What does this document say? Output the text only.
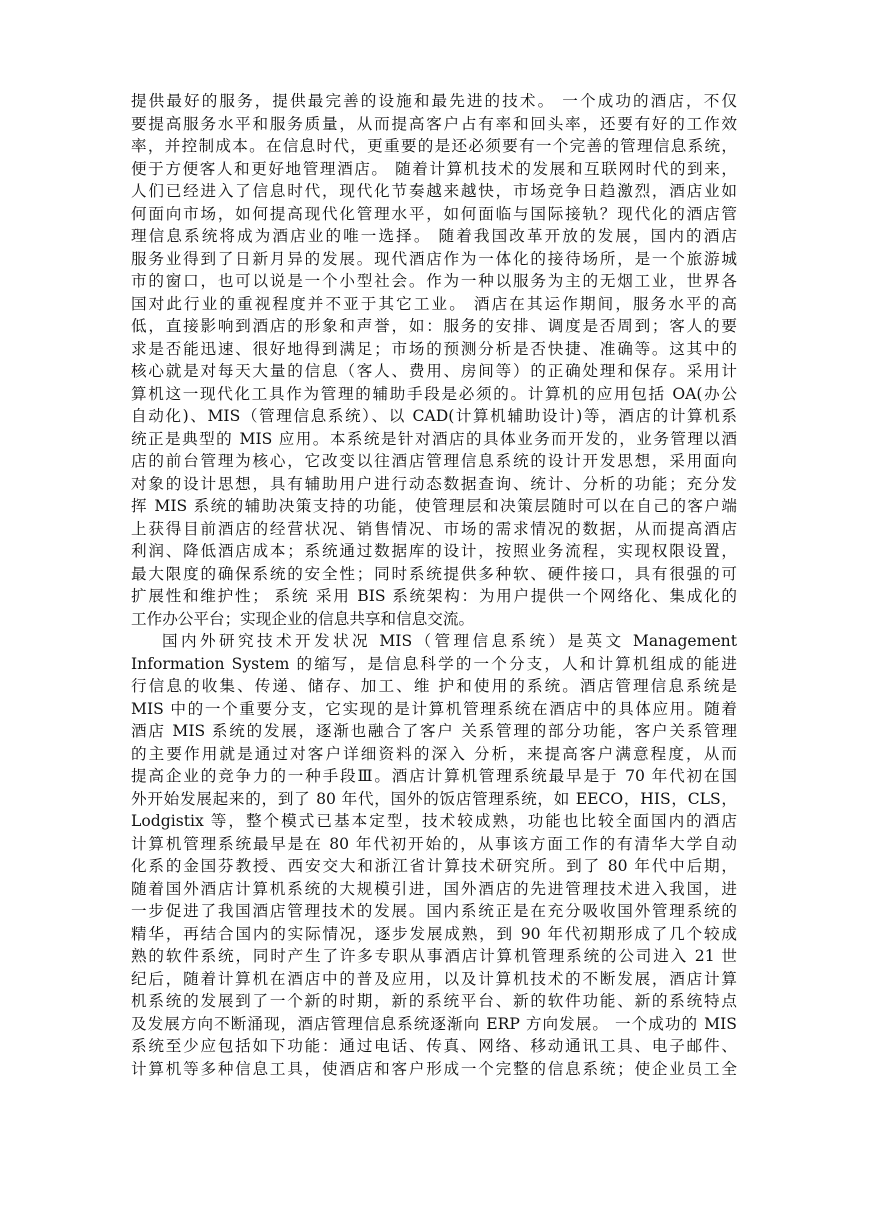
提供最好的服务，提供最完善的设施和最先进的技术。 一个成功的酒店，不仅
要提高服务水平和服务质量，从而提高客户占有率和回头率，还要有好的工作效
率，并控制成本。在信息时代，更重要的是还必须要有一个完善的管理信息系统，
便于方便客人和更好地管理酒店。 随着计算机技术的发展和互联网时代的到来，
人们已经进入了信息时代，现代化节奏越来越快，市场竞争日趋激烈，酒店业如
何面向市场，如何提高现代化管理水平，如何面临与国际接轨？现代化的酒店管
理信息系统将成为酒店业的唯一选择。 随着我国改革开放的发展，国内的酒店
服务业得到了日新月异的发展。现代酒店作为一体化的接待场所，是一个旅游城
市的窗口，也可以说是一个小型社会。作为一种以服务为主的无烟工业，世界各
国对此行业的重视程度并不亚于其它工业。 酒店在其运作期间，服务水平的高
低，直接影响到酒店的形象和声誉，如：服务的安排、调度是否周到；客人的要
求是否能迅速、很好地得到满足；市场的预测分析是否快捷、准确等。这其中的
核心就是对每天大量的信息（客人、费用、房间等）的正确处理和保存。采用计
算机这一现代化工具作为管理的辅助手段是必须的。计算机的应用包括 OA(办公
自动化)、MIS（管理信息系统）、以 CAD(计算机辅助设计)等，酒店的计算机系
统正是典型的 MIS 应用。本系统是针对酒店的具体业务而开发的，业务管理以酒
店的前台管理为核心，它改变以往酒店管理信息系统的设计开发思想，采用面向
对象的设计思想，具有辅助用户进行动态数据查询、统计、分析的功能；充分发
挥 MIS 系统的辅助决策支持的功能，使管理层和决策层随时可以在自己的客户端
上获得目前酒店的经营状况、销售情况、市场的需求情况的数据，从而提高酒店
利润、降低酒店成本；系统通过数据库的设计，按照业务流程，实现权限设置，
最大限度的确保系统的安全性；同时系统提供多种软、硬件接口，具有很强的可
扩展性和维护性； 系统 采用 BIS 系统架构：为用户提供一个网络化、集成化的
工作办公平台；实现企业的信息共享和信息交流。
国内外研究技术开发状况 MIS（管理信息系统）是英文 Management
Information System 的缩写，是信息科学的一个分支，人和计算机组成的能进
行信息的收集、传递、储存、加工、维 护和使用的系统。酒店管理信息系统是
MIS 中的一个重要分支，它实现的是计算机管理系统在酒店中的具体应用。随着
酒店 MIS 系统的发展，逐渐也融合了客户 关系管理的部分功能，客户关系管理
的主要作用就是通过对客户详细资料的深入 分析，来提高客户满意程度，从而
提高企业的竞争力的一种手段Ⅲ。酒店计算机管理系统最早是于 70 年代初在国
外开始发展起来的，到了 80 年代，国外的饭店管理系统，如 EECO，HIS，CLS，
Lodgistix 等，整个模式已基本定型，技术较成熟，功能也比较全面国内的酒店
计算机管理系统最早是在 80 年代初开始的，从事该方面工作的有清华大学自动
化系的金国芬教授、西安交大和浙江省计算技术研究所。到了 80 年代中后期，
随着国外酒店计算机系统的大规模引进，国外酒店的先进管理技术进入我国，进
一步促进了我国酒店管理技术的发展。国内系统正是在充分吸收国外管理系统的
精华，再结合国内的实际情况，逐步发展成熟，到 90 年代初期形成了几个较成
熟的软件系统，同时产生了许多专职从事酒店计算机管理系统的公司进入 21 世
纪后，随着计算机在酒店中的普及应用，以及计算机技术的不断发展，酒店计算
机系统的发展到了一个新的时期，新的系统平台、新的软件功能、新的系统特点
及发展方向不断涌现，酒店管理信息系统逐渐向 ERP 方向发展。 一个成功的 MIS
系统至少应包括如下功能：通过电话、传真、网络、移动通讯工具、电子邮件、
计算机等多种信息工具，使酒店和客户形成一个完整的信息系统；使企业员工全
